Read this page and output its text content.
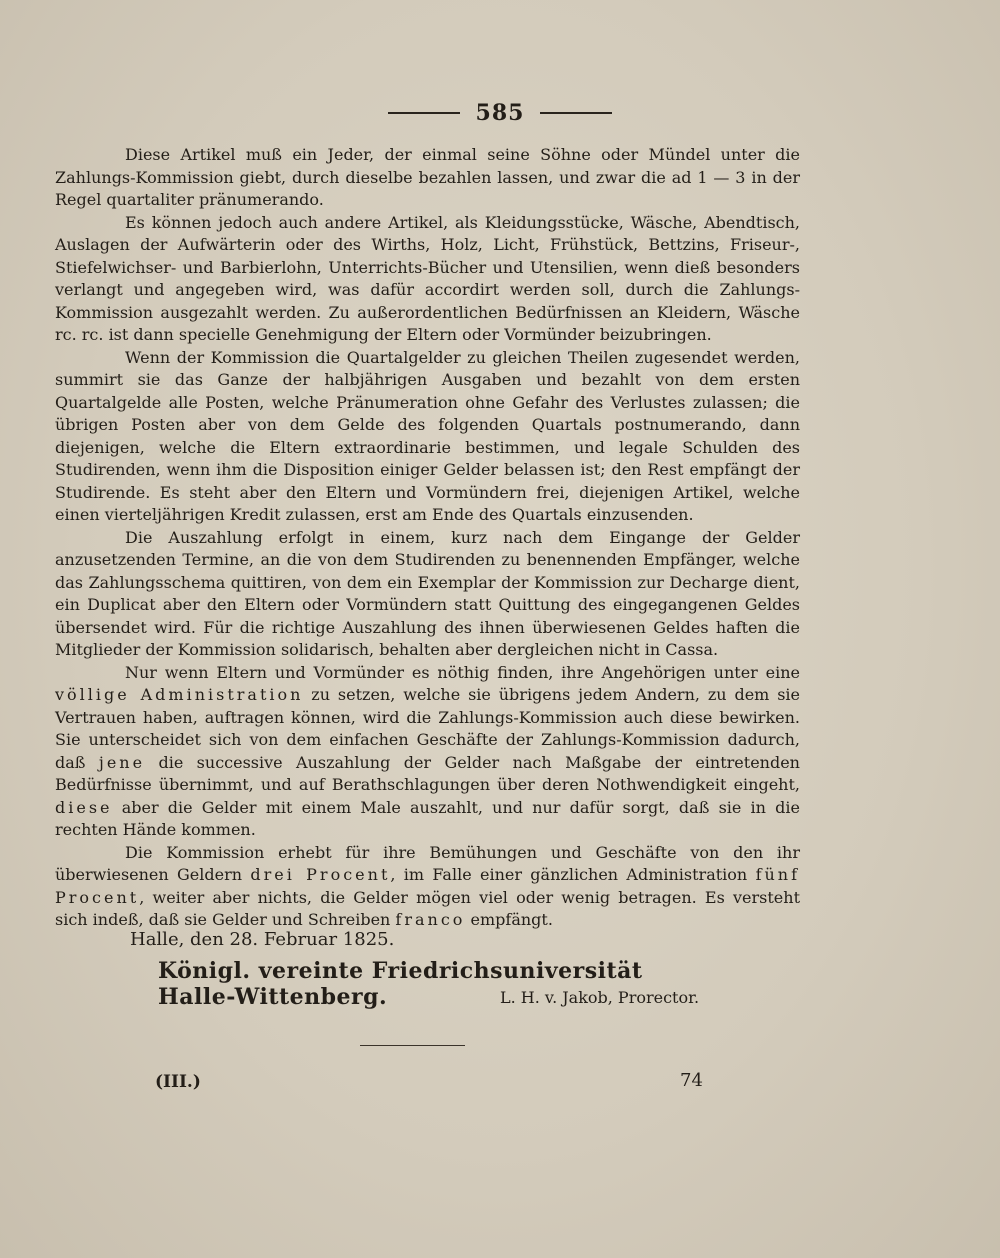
585

Diese Artikel muß ein Jeder, der einmal seine Söhne oder Mündel unter die Zahlungs-Kommission giebt, durch dieselbe bezahlen lassen, und zwar die ad 1 — 3 in der Regel quartaliter pränumerando.

Es können jedoch auch andere Artikel, als Kleidungsstücke, Wäsche, Abendtisch, Auslagen der Aufwärterin oder des Wirths, Holz, Licht, Frühstück, Bettzins, Friseur-, Stiefelwichser- und Barbierlohn, Unterrichts-Bücher und Utensilien, wenn dieß besonders verlangt und angegeben wird, was dafür accordirt werden soll, durch die Zahlungs-Kommission ausgezahlt werden. Zu außerordentlichen Bedürfnissen an Kleidern, Wäsche rc. rc. ist dann specielle Genehmigung der Eltern oder Vormünder beizubringen.

Wenn der Kommission die Quartalgelder zu gleichen Theilen zugesendet werden, summirt sie das Ganze der halbjährigen Ausgaben und bezahlt von dem ersten Quartalgelde alle Posten, welche Pränumeration ohne Gefahr des Verlustes zulassen; die übrigen Posten aber von dem Gelde des folgenden Quartals postnumerando, dann diejenigen, welche die Eltern extraordinarie bestimmen, und legale Schulden des Studirenden, wenn ihm die Disposition einiger Gelder belassen ist; den Rest empfängt der Studirende. Es steht aber den Eltern und Vormündern frei, diejenigen Artikel, welche einen vierteljährigen Kredit zulassen, erst am Ende des Quartals einzusenden.

Die Auszahlung erfolgt in einem, kurz nach dem Eingange der Gelder anzusetzenden Termine, an die von dem Studirenden zu benennenden Empfänger, welche das Zahlungsschema quittiren, von dem ein Exemplar der Kommission zur Decharge dient, ein Duplicat aber den Eltern oder Vormündern statt Quittung des eingegangenen Geldes übersendet wird. Für die richtige Auszahlung des ihnen überwiesenen Geldes haften die Mitglieder der Kommission solidarisch, behalten aber dergleichen nicht in Cassa.

Nur wenn Eltern und Vormünder es nöthig finden, ihre Angehörigen unter eine völlige Administration zu setzen, welche sie übrigens jedem Andern, zu dem sie Vertrauen haben, auftragen können, wird die Zahlungs-Kommission auch diese bewirken. Sie unterscheidet sich von dem einfachen Geschäfte der Zahlungs-Kommission dadurch, daß jene die successive Auszahlung der Gelder nach Maßgabe der eintretenden Bedürfnisse übernimmt, und auf Berathschlagungen über deren Nothwendigkeit eingeht, diese aber die Gelder mit einem Male auszahlt, und nur dafür sorgt, daß sie in die rechten Hände kommen.

Die Kommission erhebt für ihre Bemühungen und Geschäfte von den ihr überwiesenen Geldern drei Procent, im Falle einer gänzlichen Administration fünf Procent, weiter aber nichts, die Gelder mögen viel oder wenig betragen. Es versteht sich indeß, daß sie Gelder und Schreiben franco empfängt.

Halle, den 28. Februar 1825.
Königl. vereinte Friedrichsuniversität Halle-Wittenberg.	L. H. v. Jakob, Prorector.
(III.)	74
